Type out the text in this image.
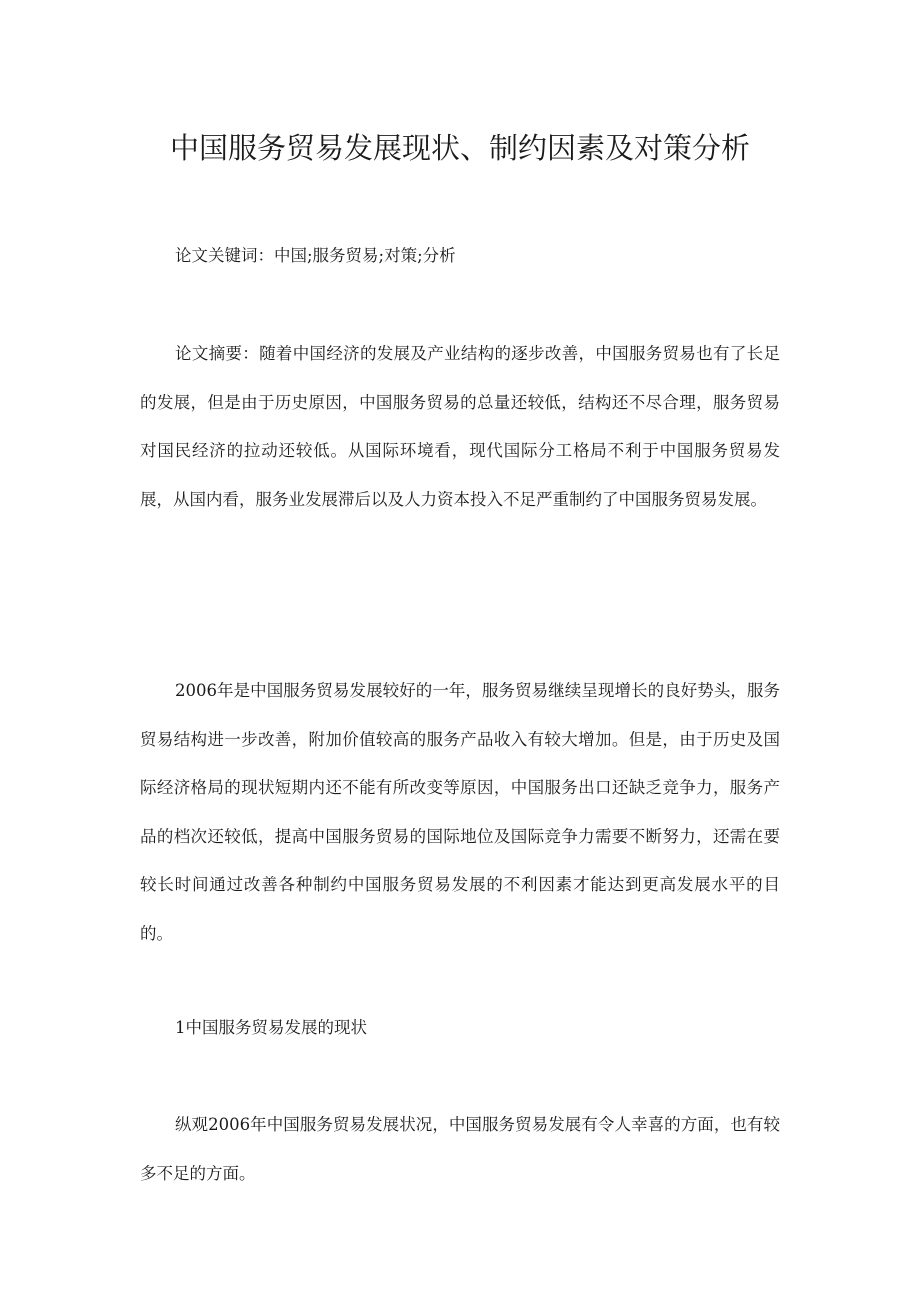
中国服务贸易发展现状、制约因素及对策分析

论文关键词：中国;服务贸易;对策;分析

论文摘要：随着中国经济的发展及产业结构的逐步改善，中国服务贸易也有了长足的发展，但是由于历史原因，中国服务贸易的总量还较低，结构还不尽合理，服务贸易对国民经济的拉动还较低。从国际环境看，现代国际分工格局不利于中国服务贸易发展，从国内看，服务业发展滞后以及人力资本投入不足严重制约了中国服务贸易发展。

2006年是中国服务贸易发展较好的一年，服务贸易继续呈现增长的良好势头，服务贸易结构进一步改善，附加价值较高的服务产品收入有较大增加。但是，由于历史及国际经济格局的现状短期内还不能有所改变等原因，中国服务出口还缺乏竞争力，服务产品的档次还较低，提高中国服务贸易的国际地位及国际竞争力需要不断努力，还需在要较长时间通过改善各种制约中国服务贸易发展的不利因素才能达到更高发展水平的目的。

1中国服务贸易发展的现状

纵观2006年中国服务贸易发展状况，中国服务贸易发展有令人幸喜的方面，也有较多不足的方面。
